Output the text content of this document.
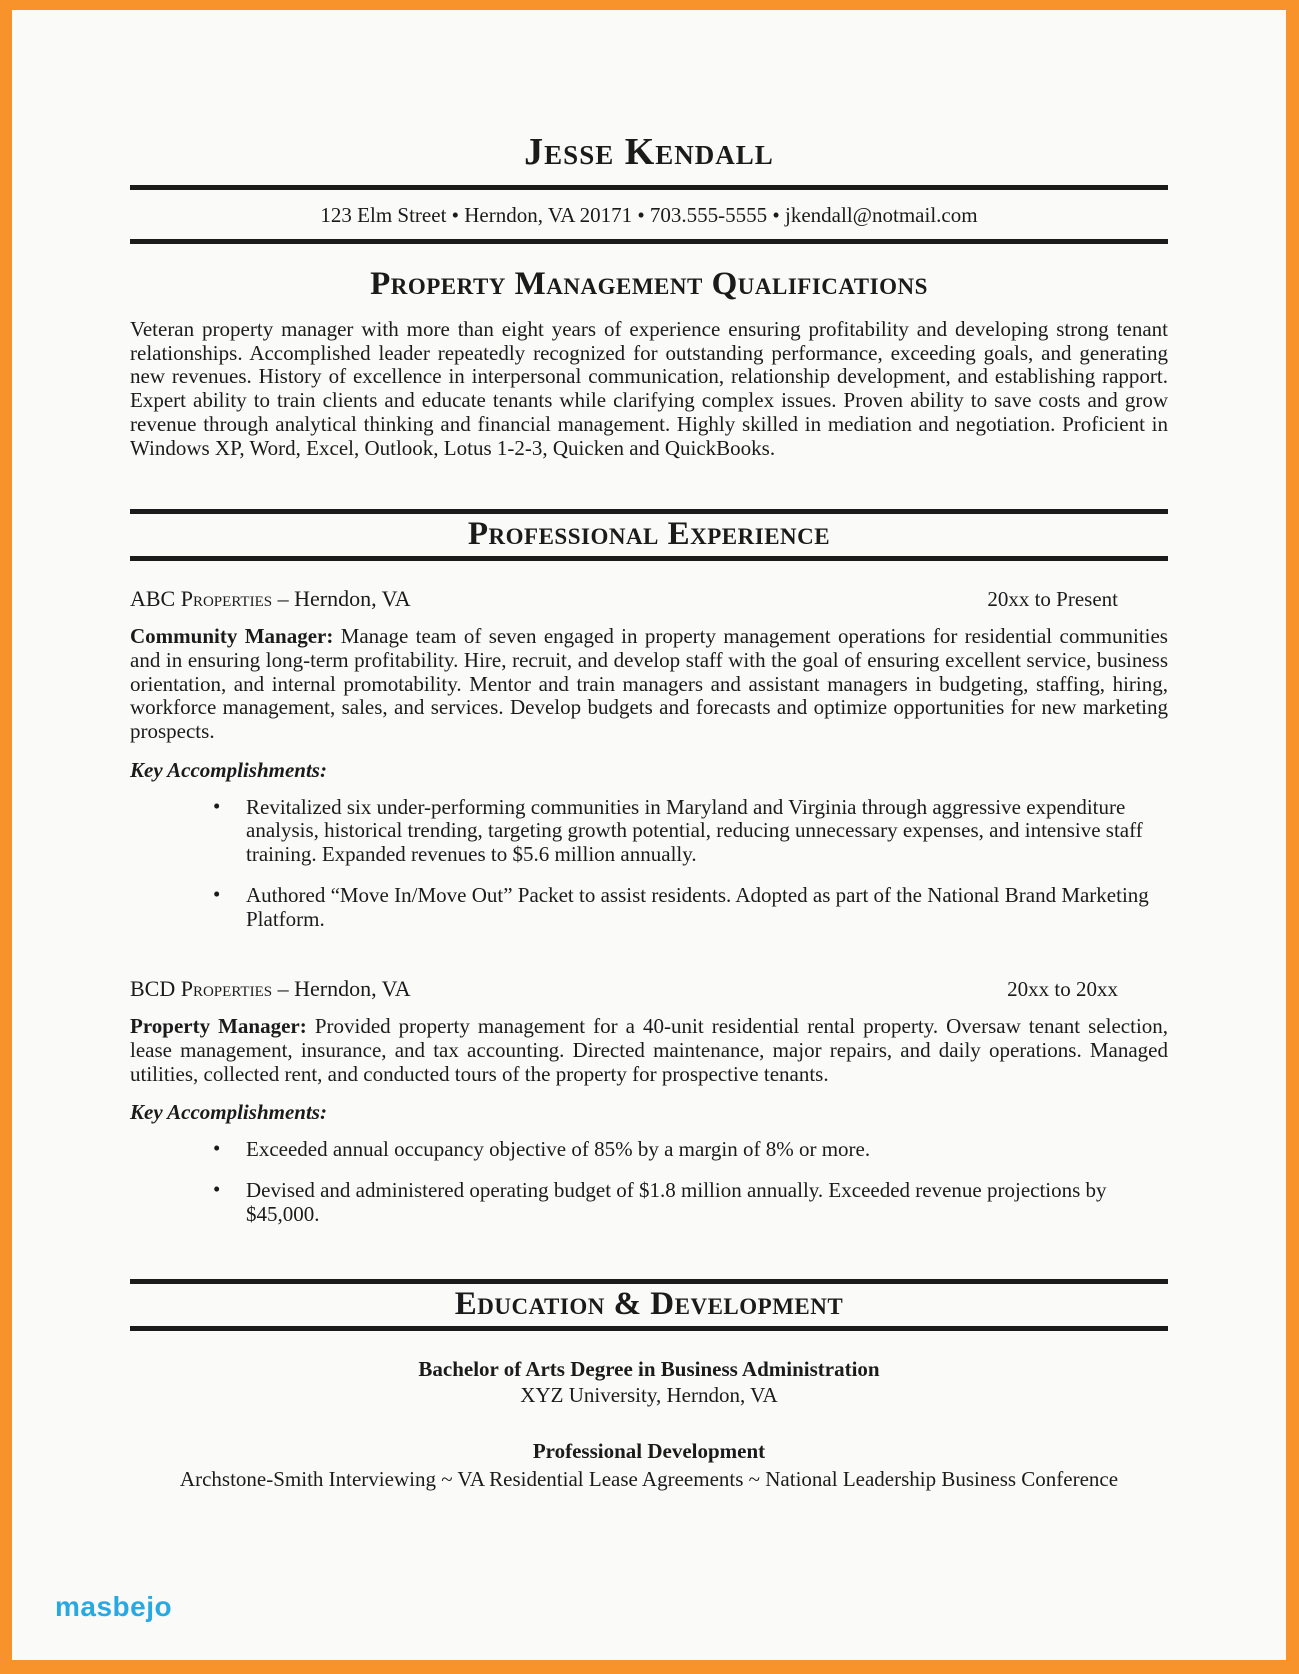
Jesse Kendall
123 Elm Street • Herndon, VA 20171 • 703.555-5555 • jkendall@notmail.com
Property Management Qualifications

Veteran property manager with more than eight years of experience ensuring profitability and developing strong tenant relationships. Accomplished leader repeatedly recognized for outstanding performance, exceeding goals, and generating new revenues. History of excellence in interpersonal communication, relationship development, and establishing rapport. Expert ability to train clients and educate tenants while clarifying complex issues. Proven ability to save costs and grow revenue through analytical thinking and financial management. Highly skilled in mediation and negotiation. Proficient in Windows XP, Word, Excel, Outlook, Lotus 1-2-3, Quicken and QuickBooks.

Professional Experience
ABC Properties – Herndon, VA	20xx to Present

Community Manager: Manage team of seven engaged in property management operations for residential communities and in ensuring long-term profitability. Hire, recruit, and develop staff with the goal of ensuring excellent service, business orientation, and internal promotability. Mentor and train managers and assistant managers in budgeting, staffing, hiring, workforce management, sales, and services. Develop budgets and forecasts and optimize opportunities for new marketing prospects.

Key Accomplishments:
• Revitalized six under-performing communities in Maryland and Virginia through aggressive expenditure analysis, historical trending, targeting growth potential, reducing unnecessary expenses, and intensive staff training. Expanded revenues to $5.6 million annually.
• Authored “Move In/Move Out” Packet to assist residents. Adopted as part of the National Brand Marketing Platform.
BCD Properties – Herndon, VA	20xx to 20xx

Property Manager: Provided property management for a 40-unit residential rental property. Oversaw tenant selection, lease management, insurance, and tax accounting. Directed maintenance, major repairs, and daily operations. Managed utilities, collected rent, and conducted tours of the property for prospective tenants.

Key Accomplishments:
• Exceeded annual occupancy objective of 85% by a margin of 8% or more.
• Devised and administered operating budget of $1.8 million annually. Exceeded revenue projections by $45,000.
Education & Development
Bachelor of Arts Degree in Business Administration
XYZ University, Herndon, VA
Professional Development
Archstone-Smith Interviewing ~ VA Residential Lease Agreements ~ National Leadership Business Conference
masbejo
